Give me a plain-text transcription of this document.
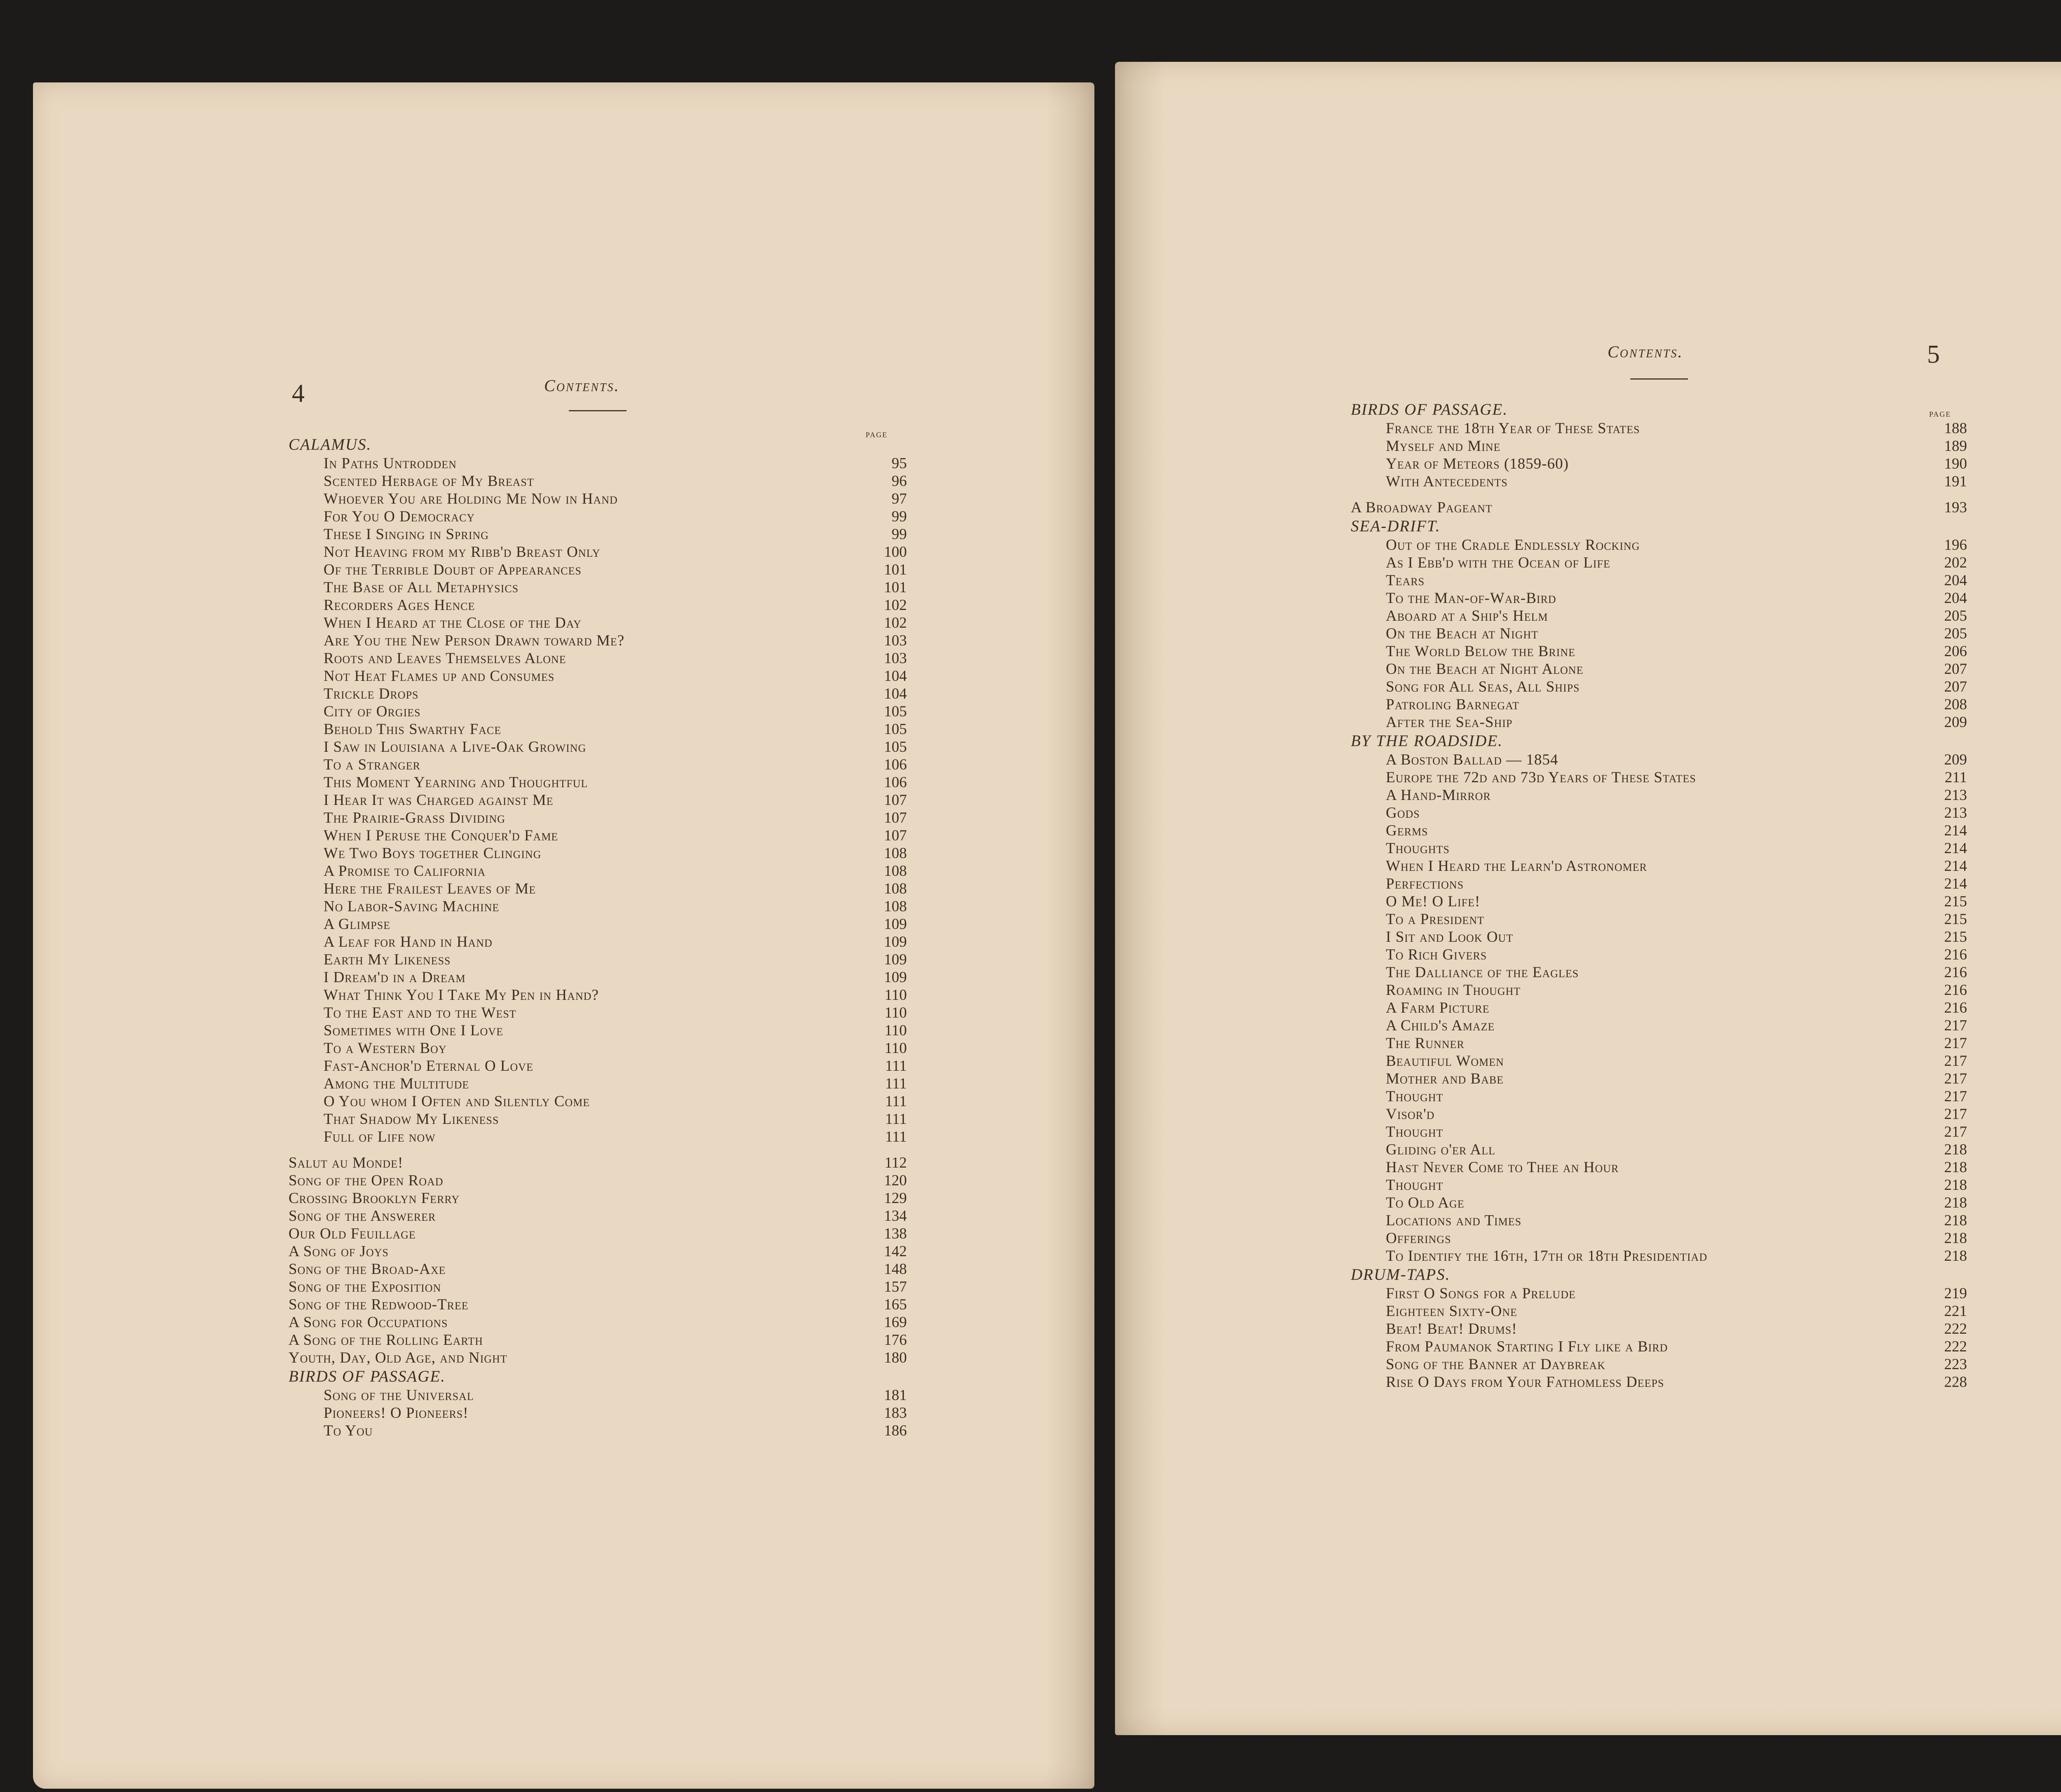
4	Contents.
page
CALAMUS.
In Paths Untrodden	95
Scented Herbage of My Breast	96
Whoever You are Holding Me Now in Hand	97
For You O Democracy	99
These I Singing in Spring	99
Not Heaving from my Ribb'd Breast Only	100
Of the Terrible Doubt of Appearances	101
The Base of All Metaphysics	101
Recorders Ages Hence	102
When I Heard at the Close of the Day	102
Are You the New Person Drawn toward Me?	103
Roots and Leaves Themselves Alone	103
Not Heat Flames up and Consumes	104
Trickle Drops	104
City of Orgies	105
Behold This Swarthy Face	105
I Saw in Louisiana a Live-Oak Growing	105
To a Stranger	106
This Moment Yearning and Thoughtful	106
I Hear It was Charged against Me	107
The Prairie-Grass Dividing	107
When I Peruse the Conquer'd Fame	107
We Two Boys together Clinging	108
A Promise to California	108
Here the Frailest Leaves of Me	108
No Labor-Saving Machine	108
A Glimpse	109
A Leaf for Hand in Hand	109
Earth My Likeness	109
I Dream'd in a Dream	109
What Think You I Take My Pen in Hand?	110
To the East and to the West	110
Sometimes with One I Love	110
To a Western Boy	110
Fast-Anchor'd Eternal O Love	111
Among the Multitude	111
O You whom I Often and Silently Come	111
That Shadow My Likeness	111
Full of Life now	111
Salut au Monde!	112
Song of the Open Road	120
Crossing Brooklyn Ferry	129
Song of the Answerer	134
Our Old Feuillage	138
A Song of Joys	142
Song of the Broad-Axe	148
Song of the Exposition	157
Song of the Redwood-Tree	165
A Song for Occupations	169
A Song of the Rolling Earth	176
Youth, Day, Old Age, and Night	180
BIRDS OF PASSAGE.
Song of the Universal	181
Pioneers! O Pioneers!	183
To You	186
Contents.	5
page
BIRDS OF PASSAGE.
France the 18th Year of These States	188
Myself and Mine	189
Year of Meteors (1859-60)	190
With Antecedents	191
A Broadway Pageant	193
SEA-DRIFT.
Out of the Cradle Endlessly Rocking	196
As I Ebb'd with the Ocean of Life	202
Tears	204
To the Man-of-War-Bird	204
Aboard at a Ship's Helm	205
On the Beach at Night	205
The World Below the Brine	206
On the Beach at Night Alone	207
Song for All Seas, All Ships	207
Patroling Barnegat	208
After the Sea-Ship	209
BY THE ROADSIDE.
A Boston Ballad — 1854	209
Europe the 72d and 73d Years of These States	211
A Hand-Mirror	213
Gods	213
Germs	214
Thoughts	214
When I Heard the Learn'd Astronomer	214
Perfections	214
O Me! O Life!	215
To a President	215
I Sit and Look Out	215
To Rich Givers	216
The Dalliance of the Eagles	216
Roaming in Thought	216
A Farm Picture	216
A Child's Amaze	217
The Runner	217
Beautiful Women	217
Mother and Babe	217
Thought	217
Visor'd	217
Thought	217
Gliding o'er All	218
Hast Never Come to Thee an Hour	218
Thought	218
To Old Age	218
Locations and Times	218
Offerings	218
To Identify the 16th, 17th or 18th Presidentiad	218
DRUM-TAPS.
First O Songs for a Prelude	219
Eighteen Sixty-One	221
Beat! Beat! Drums!	222
From Paumanok Starting I Fly like a Bird	222
Song of the Banner at Daybreak	223
Rise O Days from Your Fathomless Deeps	228
